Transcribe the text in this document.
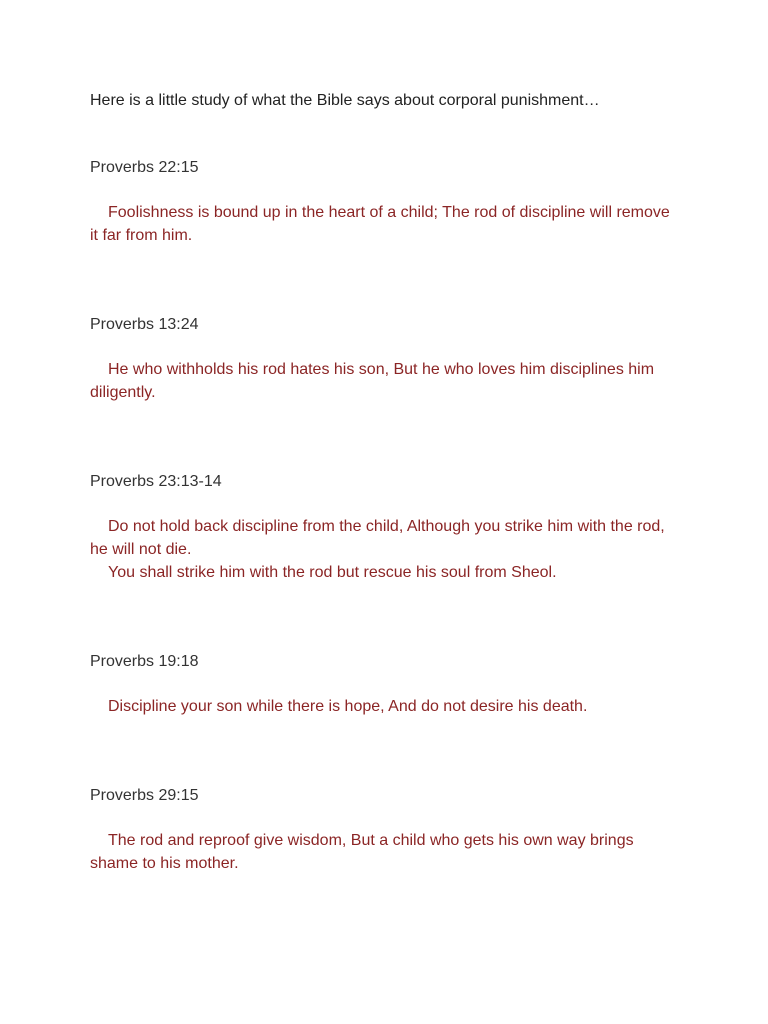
Here is a little study of what the Bible says about corporal punishment…

Proverbs 22:15

Foolishness is bound up in the heart of a child; The rod of discipline will remove it far from him.

Proverbs 13:24

He who withholds his rod hates his son, But he who loves him disciplines him diligently.

Proverbs 23:13-14

Do not hold back discipline from the child, Although you strike him with the rod, he will not die.

You shall strike him with the rod but rescue his soul from Sheol.

Proverbs 19:18

Discipline your son while there is hope, And do not desire his death.

Proverbs 29:15

The rod and reproof give wisdom, But a child who gets his own way brings shame to his mother.
